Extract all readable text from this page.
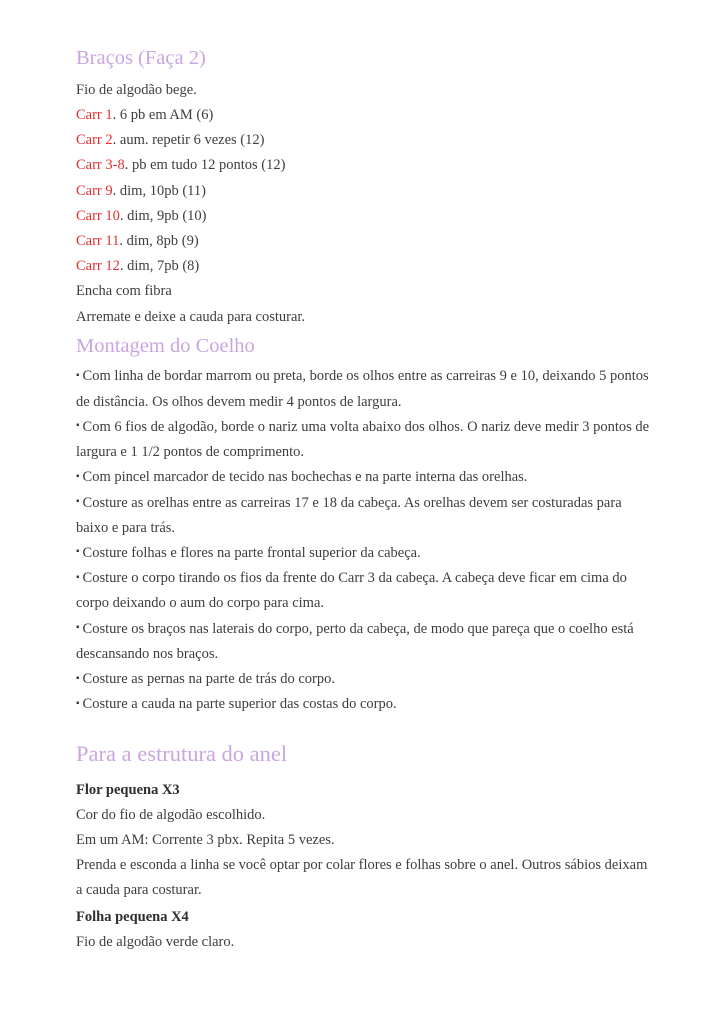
Braços (Faça 2)

Fio de algodão bege.

Carr 1. 6 pb em AM (6)

Carr 2. aum. repetir 6 vezes (12)

Carr 3-8. pb em tudo 12 pontos (12)

Carr 9. dim, 10pb (11)

Carr 10. dim, 9pb (10)

Carr 11. dim, 8pb (9)

Carr 12. dim, 7pb (8)

Encha com fibra

Arremate e deixe a cauda para costurar.

Montagem do Coelho

▪ Com linha de bordar marrom ou preta, borde os olhos entre as carreiras 9 e 10, deixando 5 pontos de distância. Os olhos devem medir 4 pontos de largura.

▪ Com 6 fios de algodão, borde o nariz uma volta abaixo dos olhos. O nariz deve medir 3 pontos de largura e 1 1/2 pontos de comprimento.

▪ Com pincel marcador de tecido nas bochechas e na parte interna das orelhas.

▪ Costure as orelhas entre as carreiras 17 e 18 da cabeça. As orelhas devem ser costuradas para baixo e para trás.

▪ Costure folhas e flores na parte frontal superior da cabeça.

▪ Costure o corpo tirando os fios da frente do Carr 3 da cabeça. A cabeça deve ficar em cima do corpo deixando o aum do corpo para cima.

▪ Costure os braços nas laterais do corpo, perto da cabeça, de modo que pareça que o coelho está descansando nos braços.

▪ Costure as pernas na parte de trás do corpo.

▪ Costure a cauda na parte superior das costas do corpo.

Para a estrutura do anel

Flor pequena X3

Cor do fio de algodão escolhido.

Em um AM: Corrente 3 pbx. Repita 5 vezes.

Prenda e esconda a linha se você optar por colar flores e folhas sobre o anel. Outros sábios deixam a cauda para costurar.

Folha pequena X4

Fio de algodão verde claro.
